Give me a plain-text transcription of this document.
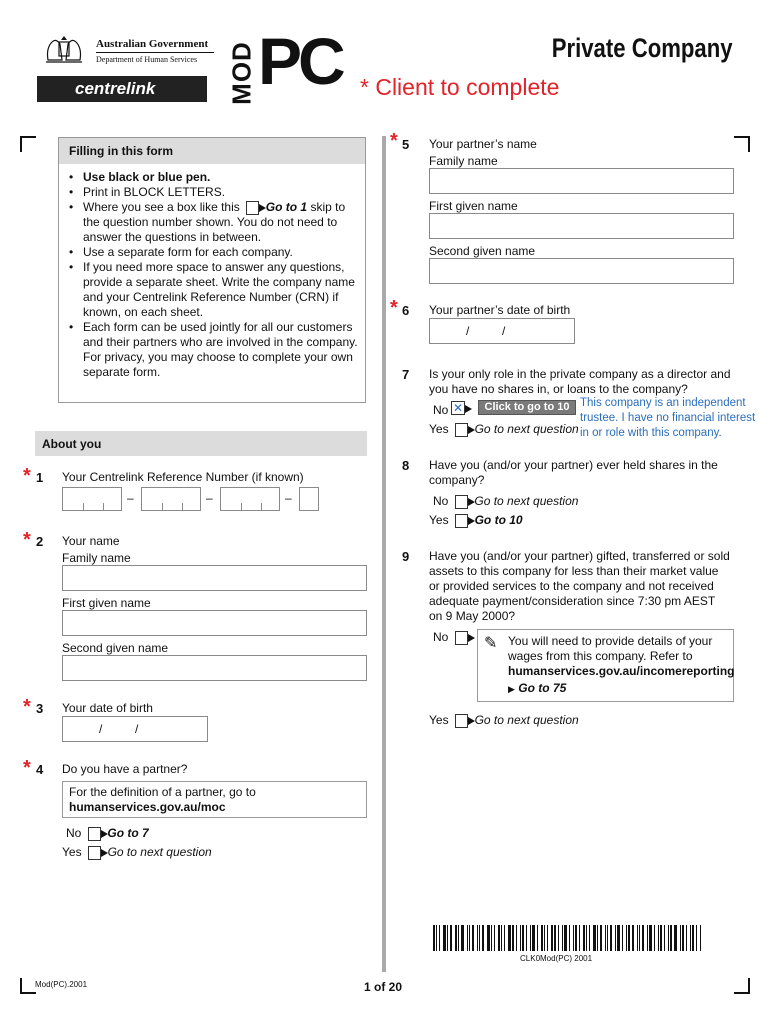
Australian Government
Department of Human Services
centrelink	MOD PC	Private Company
* Client to complete
Filling in this form
• Use black or blue pen.
• Print in BLOCK LETTERS.
• Where you see a box like this Go to 1 skip to the question number shown. You do not need to answer the questions in between.
• Use a separate form for each company.
• If you need more space to answer any questions, provide a separate sheet. Write the company name and your Centrelink Reference Number (CRN) if known, on each sheet.
• Each form can be used jointly for all our customers and their partners who are involved in the company. For privacy, you may choose to complete your own separate form.
About you
* 1 Your Centrelink Reference Number (if known)
–	–	–
* 2 Your name
Family name
First given name
Second given name
* 3 Your date of birth
/	/
* 4 Do you have a partner?
For the definition of a partner, go to
humanservices.gov.au/moc
No Go to 7
Yes Go to next question
* 5 Your partner’s name
Family name
First given name
Second given name
* 6 Your partner’s date of birth
/	/
7 Is your only role in the private company as a director and
you have no shares in, or loans to the company?
No
✕	Click to go to 10 This company is an independent trustee. I have no financial interest in or role with this company.
Yes Go to next question
8 Have you (and/or your partner) ever held shares in the
company?
No Go to next question
Yes Go to 10
9 Have you (and/or your partner) gifted, transferred or sold
assets to this company for less than their market value
or provided services to the company and not received
adequate payment/consideration since 7:30 pm AEST
on 9 May 2000?
No	✎ You will need to provide details of your
wages from this company. Refer to
humanservices.gov.au/incomereporting
▶ Go to 75
Yes Go to next question
CLK0Mod(PC) 2001
Mod(PC).2001	1 of 20
